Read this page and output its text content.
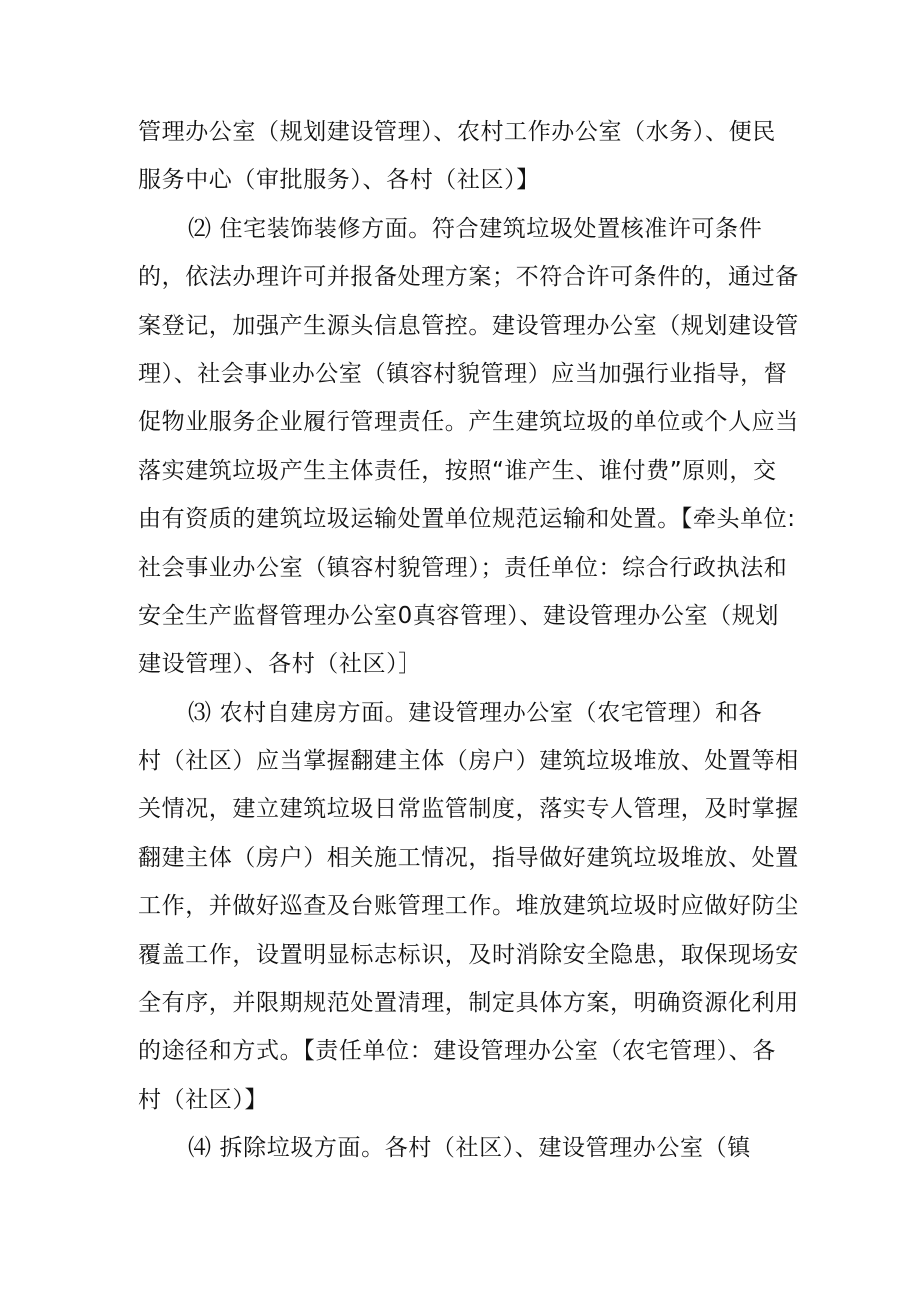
管理办公室（规划建设管理）、农村工作办公室（水务）、便民
服务中心（审批服务）、各村（社区）】
⑵ 住宅装饰装修方面。符合建筑垃圾处置核准许可条件
的，依法办理许可并报备处理方案；不符合许可条件的，通过备
案登记，加强产生源头信息管控。建设管理办公室（规划建设管
理）、社会事业办公室（镇容村貌管理）应当加强行业指导，督
促物业服务企业履行管理责任。产生建筑垃圾的单位或个人应当
落实建筑垃圾产生主体责任，按照“谁产生、谁付费”原则，交
由有资质的建筑垃圾运输处置单位规范运输和处置。【牵头单位:
社会事业办公室（镇容村貌管理）；责任单位：综合行政执法和
安全生产监督管理办公室0真容管理）、建设管理办公室（规划
建设管理）、各村（社区）］
⑶ 农村自建房方面。建设管理办公室（农宅管理）和各
村（社区）应当掌握翻建主体（房户）建筑垃圾堆放、处置等相
关情况，建立建筑垃圾日常监管制度，落实专人管理，及时掌握
翻建主体（房户）相关施工情况，指导做好建筑垃圾堆放、处置
工作，并做好巡查及台账管理工作。堆放建筑垃圾时应做好防尘
覆盖工作，设置明显标志标识，及时消除安全隐患，取保现场安
全有序，并限期规范处置清理，制定具体方案，明确资源化利用
的途径和方式。【责任单位：建设管理办公室（农宅管理）、各
村（社区）】
⑷ 拆除垃圾方面。各村（社区）、建设管理办公室（镇
